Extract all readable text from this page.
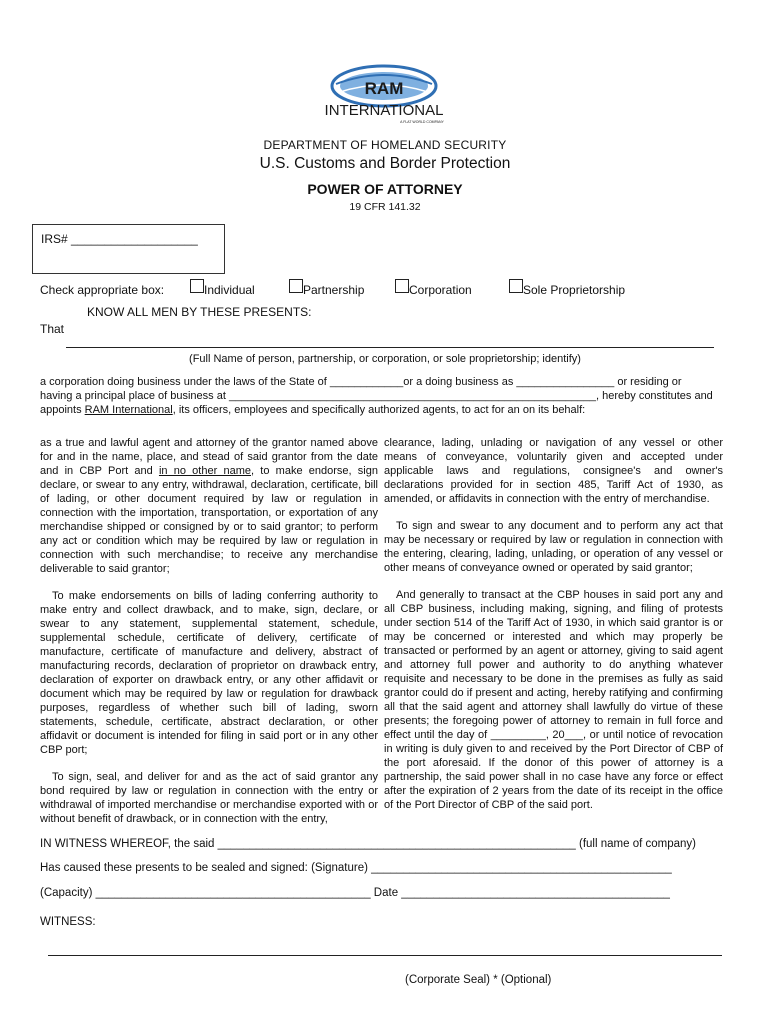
RAM
INTERNATIONAL
A FLAT WORLD COMPANY
DEPARTMENT OF HOMELAND SECURITY
U.S. Customs and Border Protection
POWER OF ATTORNEY
19 CFR 141.32
IRS# ___________________
Check appropriate box:	Individual	Partnership	Corporation	Sole Proprietorship
KNOW ALL MEN BY THESE PRESENTS:
That
(Full Name of person, partnership, or corporation, or sole proprietorship; identify)
a corporation doing business under the laws of the State of ____________or a doing business as ________________ or residing or
having a principal place of business at ____________________________________________________________, hereby constitutes and
appoints RAM International, its officers, employees and specifically authorized agents, to act for an on its behalf:

as a true and lawful agent and attorney of the grantor named above for and in the name, place, and stead of said grantor from the date and in CBP Port and in no other name, to make endorse, sign declare, or swear to any entry, withdrawal, declaration, certificate, bill of lading, or other document required by law or regulation in connection with the importation, transportation, or exportation of any merchandise shipped or consigned by or to said grantor; to perform any act or condition which may be required by law or regulation in connection with such merchandise; to receive any merchandise deliverable to said grantor;

To make endorsements on bills of lading conferring authority to make entry and collect drawback, and to make, sign, declare, or swear to any statement, supplemental statement, schedule, supplemental schedule, certificate of delivery, certificate of manufacture, certificate of manufacture and delivery, abstract of manufacturing records, declaration of proprietor on drawback entry, declaration of exporter on drawback entry, or any other affidavit or document which may be required by law or regulation for drawback purposes, regardless of whether such bill of lading, sworn statements, schedule, certificate, abstract declaration, or other affidavit or document is intended for filing in said port or in any other CBP port;

To sign, seal, and deliver for and as the act of said grantor any bond required by law or regulation in connection with the entry or withdrawal of imported merchandise or merchandise exported with or without benefit of drawback, or in connection with the entry,

clearance, lading, unlading or navigation of any vessel or other means of conveyance, voluntarily given and accepted under applicable laws and regulations, consignee's and owner's declarations provided for in section 485, Tariff Act of 1930, as amended, or affidavits in connection with the entry of merchandise.

To sign and swear to any document and to perform any act that may be necessary or required by law or regulation in connection with the entering, clearing, lading, unlading, or operation of any vessel or other means of conveyance owned or operated by said grantor;

And generally to transact at the CBP houses in said port any and all CBP business, including making, signing, and filing of protests under section 514 of the Tariff Act of 1930, in which said grantor is or may be concerned or interested and which may properly be transacted or performed by an agent or attorney, giving to said agent and attorney full power and authority to do anything whatever requisite and necessary to be done in the premises as fully as said grantor could do if present and acting, hereby ratifying and confirming all that the said agent and attorney shall lawfully do virtue of these presents; the foregoing power of attorney to remain in full force and effect until the day of _________, 20___, or until notice of revocation in writing is duly given to and received by the Port Director of CBP of the port aforesaid. If the donor of this power of attorney is a partnership, the said power shall in no case have any force or effect after the expiration of 2 years from the date of its receipt in the office of the Port Director of CBP of the said port.

IN WITNESS WHEREOF, the said ________________________________________________________ (full name of company)
Has caused these presents to be sealed and signed: (Signature) _______________________________________________
(Capacity) ___________________________________________ Date __________________________________________
WITNESS:
(Corporate Seal) * (Optional)
